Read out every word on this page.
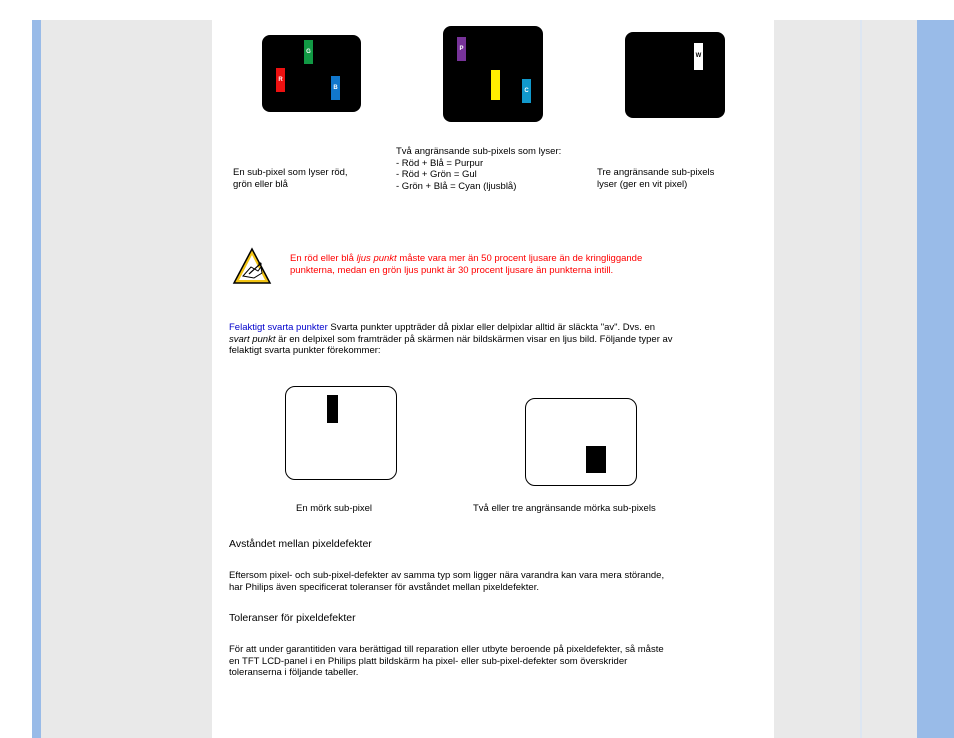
G
R
B
P
Y
C
W
En sub-pixel som lyser röd,
grön eller blå
Två angränsande sub-pixels som lyser:
- Röd + Blå = Purpur
- Röd + Grön = Gul
- Grön + Blå = Cyan (ljusblå)
Tre angränsande sub-pixels
lyser (ger en vit pixel)
En röd eller blå ljus punkt måste vara mer än 50 procent ljusare än de kringliggande
punkterna, medan en grön ljus punkt är 30 procent ljusare än punkterna intill.
Felaktigt svarta punkter Svarta punkter uppträder då pixlar eller delpixlar alltid är släckta "av". Dvs. en
svart punkt är en delpixel som framträder på skärmen när bildskärmen visar en ljus bild. Följande typer av
felaktigt svarta punkter förekommer:
En mörk sub-pixel	Två eller tre angränsande mörka sub-pixels
Avståndet mellan pixeldefekter
Eftersom pixel- och sub-pixel-defekter av samma typ som ligger nära varandra kan vara mera störande,
har Philips även specificerat toleranser för avståndet mellan pixeldefekter.
Toleranser för pixeldefekter
För att under garantitiden vara berättigad till reparation eller utbyte beroende på pixeldefekter, så måste
en TFT LCD-panel i en Philips platt bildskärm ha pixel- eller sub-pixel-defekter som överskrider
toleranserna i följande tabeller.
